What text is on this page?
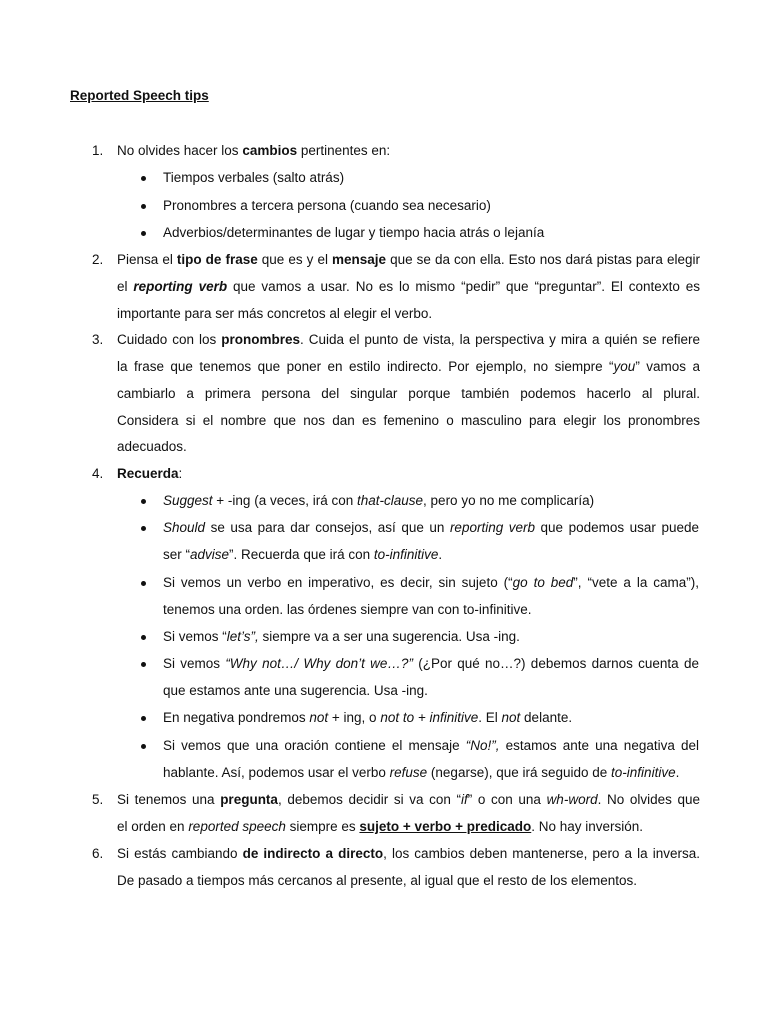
Reported Speech tips
1. No olvides hacer los cambios pertinentes en:
Tiempos verbales (salto atrás)
Pronombres a tercera persona (cuando sea necesario)
Adverbios/determinantes de lugar y tiempo hacia atrás o lejanía
2. Piensa el tipo de frase que es y el mensaje que se da con ella. Esto nos dará pistas para elegir
el reporting verb que vamos a usar. No es lo mismo “pedir” que “preguntar”. El contexto es
importante para ser más concretos al elegir el verbo.
3. Cuidado con los pronombres. Cuida el punto de vista, la perspectiva y mira a quién se refiere
la frase que tenemos que poner en estilo indirecto. Por ejemplo, no siempre “you” vamos a
cambiarlo a primera persona del singular porque también podemos hacerlo al plural.
Considera si el nombre que nos dan es femenino o masculino para elegir los pronombres
adecuados.
4. Recuerda:
Suggest + -ing (a veces, irá con that-clause, pero yo no me complicaría)
Should se usa para dar consejos, así que un reporting verb que podemos usar puede
ser “advise”. Recuerda que irá con to-infinitive.
Si vemos un verbo en imperativo, es decir, sin sujeto (“go to bed”, “vete a la cama”),
tenemos una orden. las órdenes siempre van con to-infinitive.
Si vemos “let’s”, siempre va a ser una sugerencia. Usa -ing.
Si vemos “Why not…/ Why don’t we…?” (¿Por qué no…?) debemos darnos cuenta de
que estamos ante una sugerencia. Usa -ing.
En negativa pondremos not + ing, o not to + infinitive. El not delante.
Si vemos que una oración contiene el mensaje “No!”, estamos ante una negativa del
hablante. Así, podemos usar el verbo refuse (negarse), que irá seguido de to-infinitive.
5. Si tenemos una pregunta, debemos decidir si va con “if” o con una wh-word. No olvides que
el orden en reported speech siempre es sujeto + verbo + predicado. No hay inversión.
6. Si estás cambiando de indirecto a directo, los cambios deben mantenerse, pero a la inversa.
De pasado a tiempos más cercanos al presente, al igual que el resto de los elementos.
